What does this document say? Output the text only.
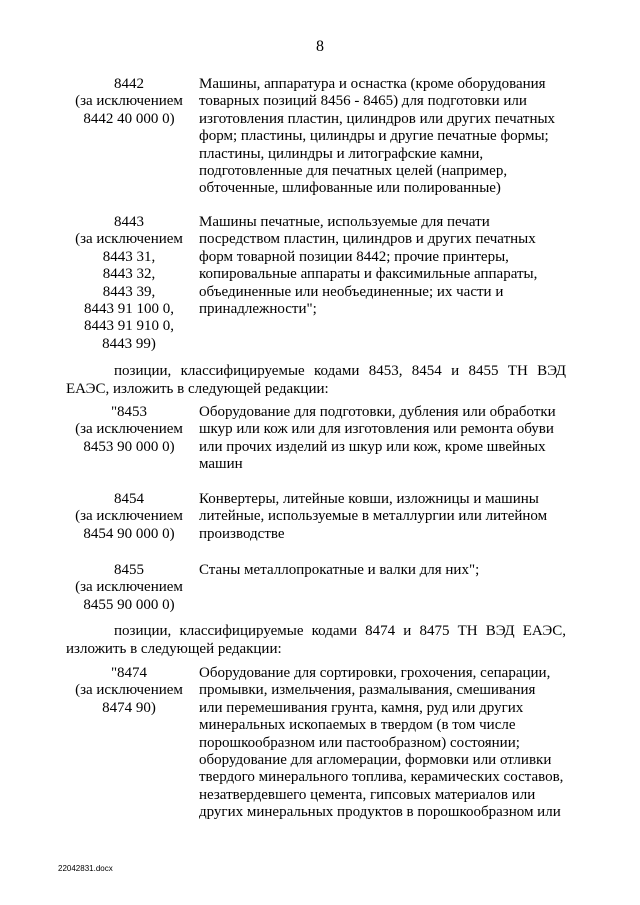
8
8442
(за исключением
8442 40 000 0)
Машины, аппаратура и оснастка (кроме оборудования
товарных позиций 8456 - 8465) для подготовки или
изготовления пластин, цилиндров или других печатных
форм; пластины, цилиндры и другие печатные формы;
пластины, цилиндры и литографские камни,
подготовленные для печатных целей (например,
обточенные, шлифованные или полированные)
8443
(за исключением
8443 31,
8443 32,
8443 39,
8443 91 100 0,
8443 91 910 0,
8443 99)
Машины печатные, используемые для печати
посредством пластин, цилиндров и других печатных
форм товарной позиции 8442; прочие принтеры,
копировальные аппараты и факсимильные аппараты,
объединенные или необъединенные; их части и
принадлежности";
позиции, классифицируемые кодами 8453, 8454 и 8455 ТН ВЭД
ЕАЭС, изложить в следующей редакции:
"8453
(за исключением
8453 90 000 0)
Оборудование для подготовки, дубления или обработки
шкур или кож или для изготовления или ремонта обуви
или прочих изделий из шкур или кож, кроме швейных
машин
8454
(за исключением
8454 90 000 0)
Конвертеры, литейные ковши, изложницы и машины
литейные, используемые в металлургии или литейном
производстве
8455
(за исключением
8455 90 000 0)
Станы металлопрокатные и валки для них";
позиции, классифицируемые кодами 8474 и 8475 ТН ВЭД ЕАЭС,
изложить в следующей редакции:
"8474
(за исключением
8474 90)
Оборудование для сортировки, грохочения, сепарации,
промывки, измельчения, размалывания, смешивания
или перемешивания грунта, камня, руд или других
минеральных ископаемых в твердом (в том числе
порошкообразном или пастообразном) состоянии;
оборудование для агломерации, формовки или отливки
твердого минерального топлива, керамических составов,
незатвердевшего цемента, гипсовых материалов или
других минеральных продуктов в порошкообразном или
22042831.docx
